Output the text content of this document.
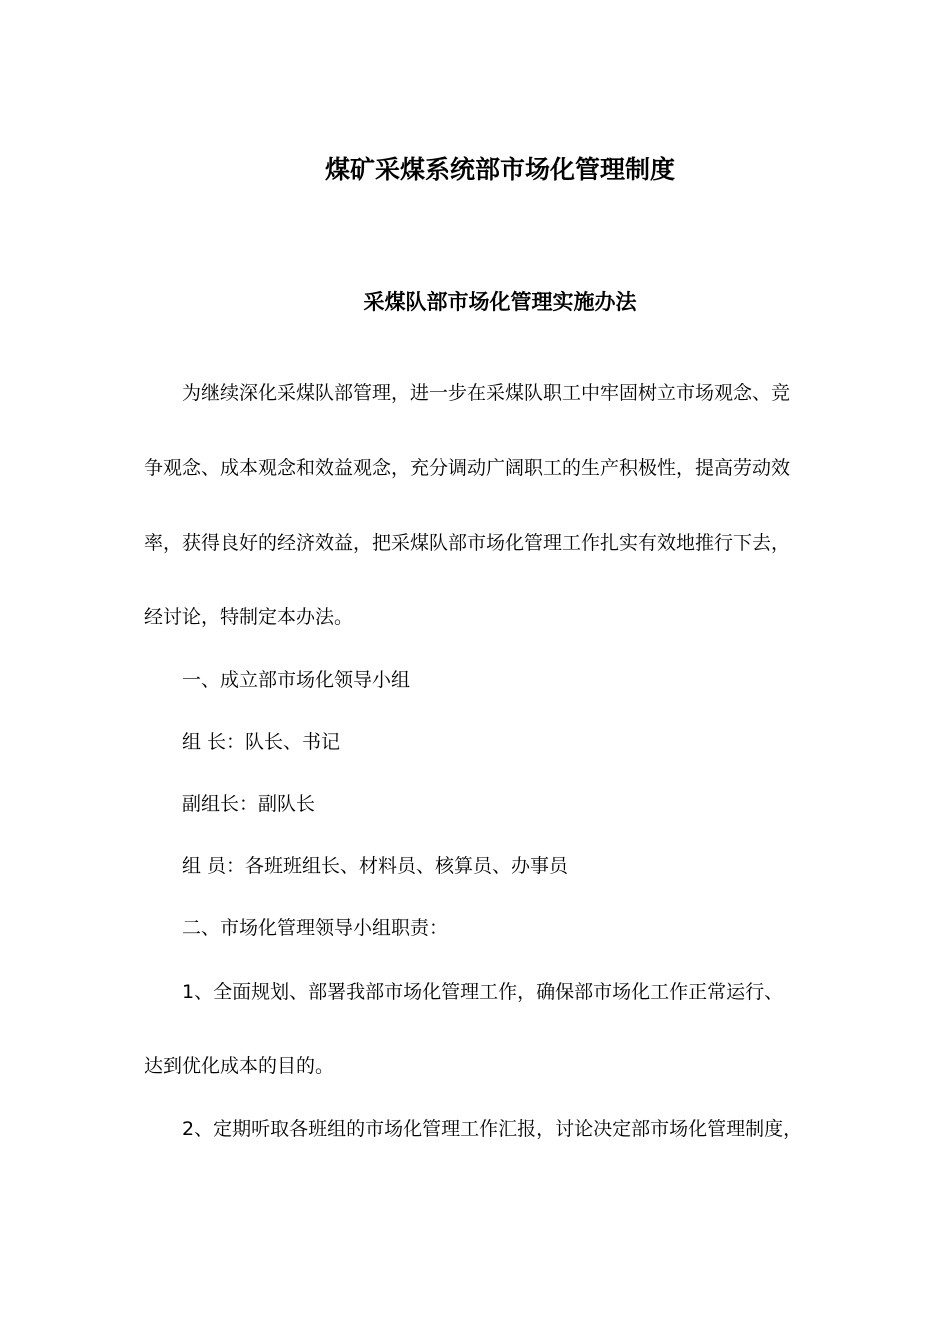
煤矿采煤系统部市场化管理制度
采煤队部市场化管理实施办法

为继续深化采煤队部管理，进一步在采煤队职工中牢固树立市场观念、竞

争观念、成本观念和效益观念，充分调动广阔职工的生产积极性，提高劳动效

率，获得良好的经济效益，把采煤队部市场化管理工作扎实有效地推行下去，

经讨论，特制定本办法。

一、成立部市场化领导小组

组 长：队长、书记

副组长：副队长

组 员：各班班组长、材料员、核算员、办事员

二、市场化管理领导小组职责：

1、全面规划、部署我部市场化管理工作，确保部市场化工作正常运行、

达到优化成本的目的。

2、定期听取各班组的市场化管理工作汇报，讨论决定部市场化管理制度，
